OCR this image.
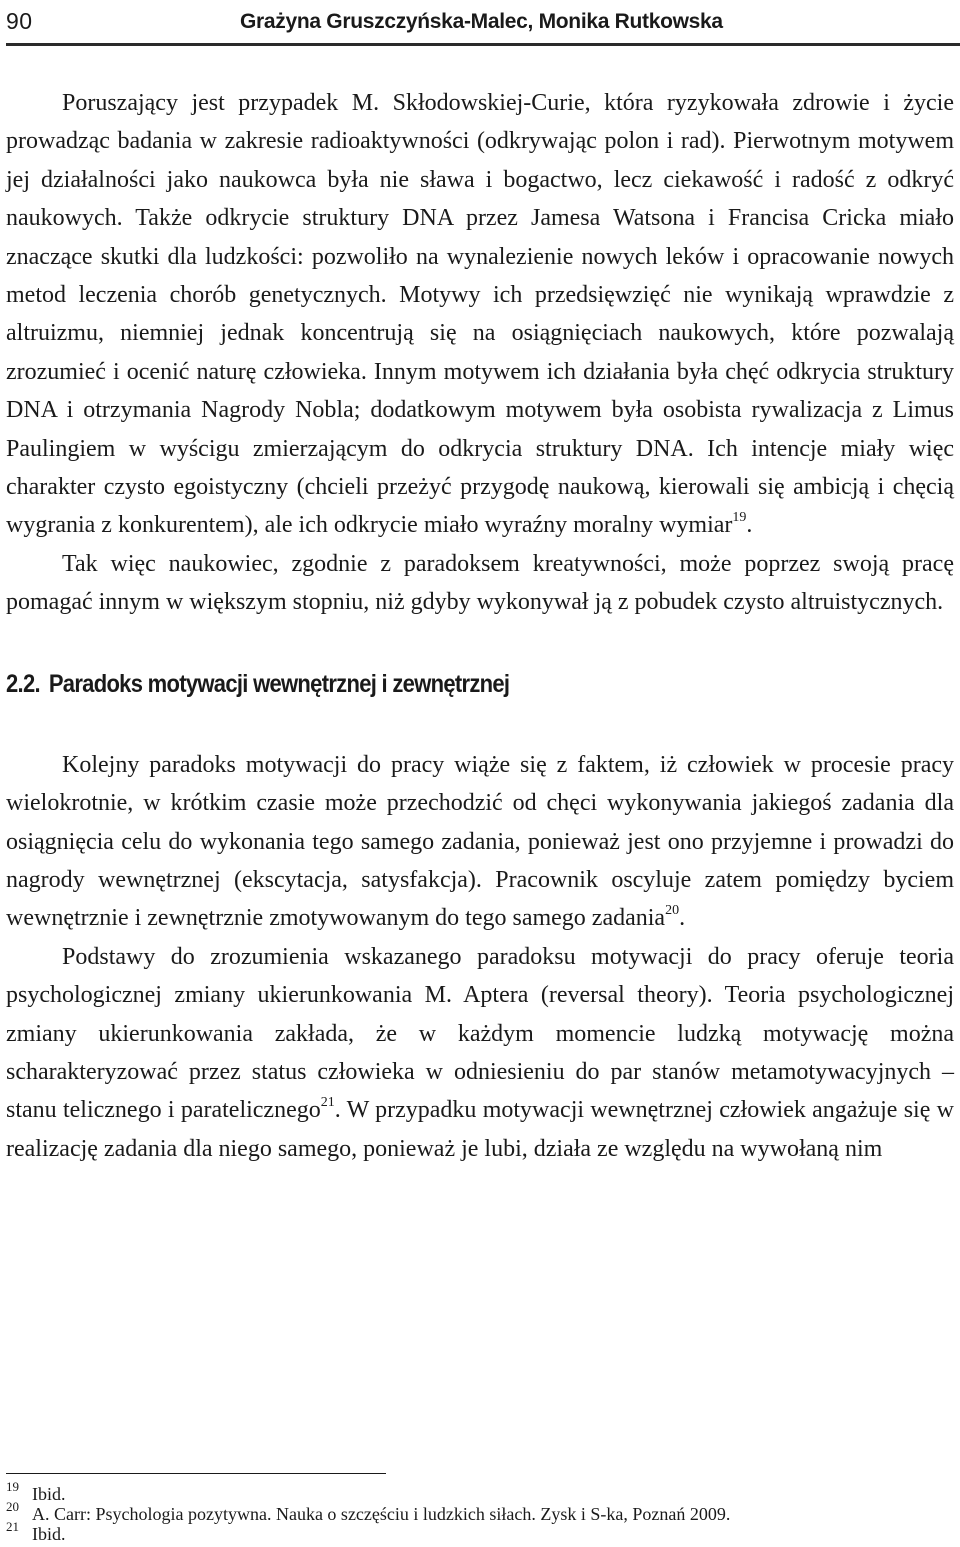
90	Grażyna Gruszczyńska-Malec, Monika Rutkowska

Poruszający jest przypadek M. Skłodowskiej-Curie, która ryzykowała zdrowie i życie prowadząc badania w zakresie radioaktywności (odkrywając polon i rad). Pierwotnym motywem jej działalności jako naukowca była nie sława i bogactwo, lecz ciekawość i radość z odkryć naukowych. Także odkrycie struktury DNA przez Jamesa Watsona i Francisa Cricka miało znaczące skutki dla ludzkości: pozwoliło na wynalezienie nowych leków i opracowanie nowych metod leczenia chorób genetycznych. Motywy ich przedsięwzięć nie wynikają wprawdzie z altruizmu, niemniej jednak koncentrują się na osiągnięciach naukowych, które pozwalają zrozumieć i ocenić naturę człowieka. Innym motywem ich działania była chęć odkrycia struktury DNA i otrzymania Nagrody Nobla; dodatkowym motywem była osobista rywalizacja z Limus Paulingiem w wyścigu zmierzającym do odkrycia struktury DNA. Ich intencje miały więc charakter czysto egoistyczny (chcieli przeżyć przygodę naukową, kierowali się ambicją i chęcią wygrania z konkurentem), ale ich odkrycie miało wyraźny moralny wymiar$^{19}$.

Tak więc naukowiec, zgodnie z paradoksem kreatywności, może poprzez swoją pracę pomagać innym w większym stopniu, niż gdyby wykonywał ją z pobudek czysto altruistycznych.

2.2. Paradoks motywacji wewnętrznej i zewnętrznej

Kolejny paradoks motywacji do pracy wiąże się z faktem, iż człowiek w procesie pracy wielokrotnie, w krótkim czasie może przechodzić od chęci wykonywania jakiegoś zadania dla osiągnięcia celu do wykonania tego samego zadania, ponieważ jest ono przyjemne i prowadzi do nagrody wewnętrznej (ekscytacja, satysfakcja). Pracownik oscyluje zatem pomiędzy byciem wewnętrznie i zewnętrznie zmotywowanym do tego samego zadania$^{20}$.

Podstawy do zrozumienia wskazanego paradoksu motywacji do pracy oferuje teoria psychologicznej zmiany ukierunkowania M. Aptera (reversal theory). Teoria psychologicznej zmiany ukierunkowania zakłada, że w każdym momencie ludzką motywację można scharakteryzować przez status człowieka w odniesieniu do par stanów metamotywacyjnych – stanu telicznego i paratelicznego$^{21}$. W przypadku motywacji wewnętrznej człowiek angażuje się w realizację zadania dla niego samego, ponieważ je lubi, działa ze względu na wywołaną nim

19 Ibid.
20 A. Carr: Psychologia pozytywna. Nauka o szczęściu i ludzkich siłach. Zysk i S-ka, Poznań 2009.
21 Ibid.
